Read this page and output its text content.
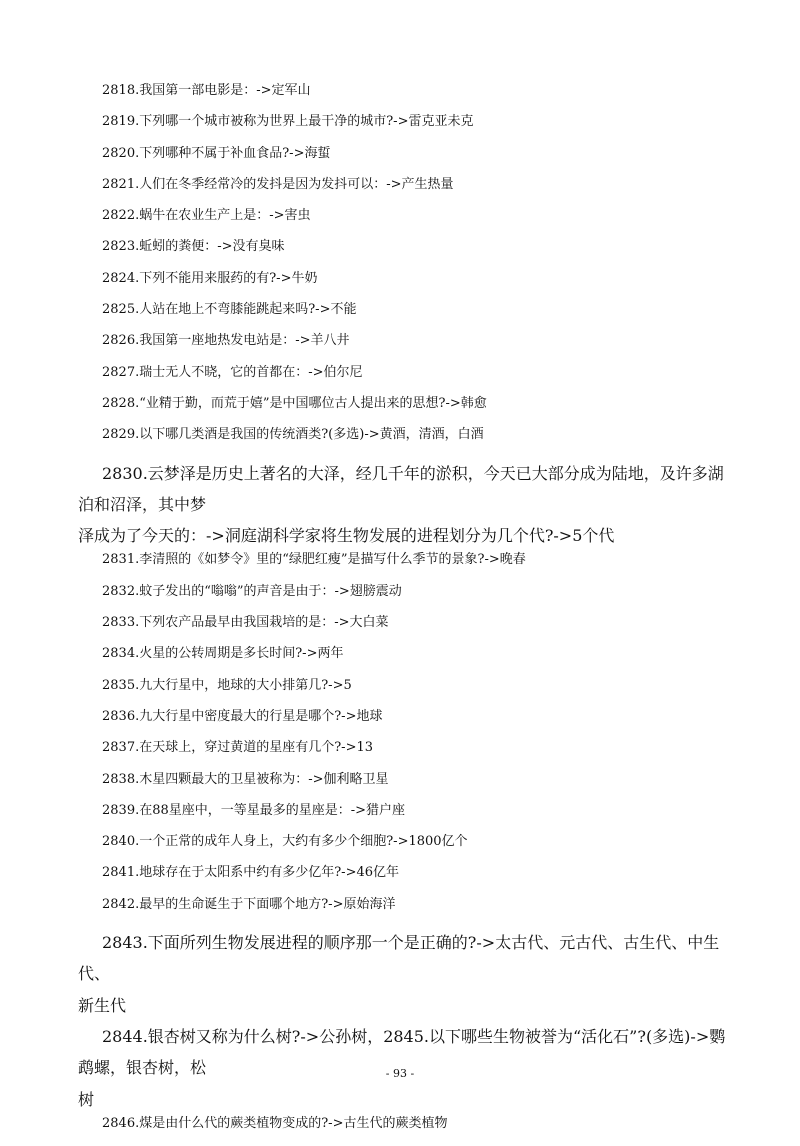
2818.我国第一部电影是：->定军山
2819.下列哪一个城市被称为世界上最干净的城市?->雷克亚未克
2820.下列哪种不属于补血食品?->海蜇
2821.人们在冬季经常冷的发抖是因为发抖可以：->产生热量
2822.蜗牛在农业生产上是：->害虫
2823.蚯蚓的粪便：->没有臭味
2824.下列不能用来服药的有?->牛奶
2825.人站在地上不弯膝能跳起来吗?->不能
2826.我国第一座地热发电站是：->羊八井
2827.瑞士无人不晓，它的首都在：->伯尔尼
2828.“业精于勤，而荒于嬉”是中国哪位古人提出来的思想?->韩愈
2829.以下哪几类酒是我国的传统酒类?(多选)->黄酒，清酒，白酒
2830.云梦泽是历史上著名的大泽，经几千年的淤积，今天已大部分成为陆地，及许多湖泊和沼泽，其中梦
泽成为了今天的：->洞庭湖科学家将生物发展的进程划分为几个代?->5个代
2831.李清照的《如梦令》里的“绿肥红瘦”是描写什么季节的景象?->晚春
2832.蚊子发出的“嗡嗡”的声音是由于：->翅膀震动
2833.下列农产品最早由我国栽培的是：->大白菜
2834.火星的公转周期是多长时间?->两年
2835.九大行星中，地球的大小排第几?->5
2836.九大行星中密度最大的行星是哪个?->地球
2837.在天球上，穿过黄道的星座有几个?->13
2838.木星四颗最大的卫星被称为：->伽利略卫星
2839.在88星座中，一等星最多的星座是：->猎户座
2840.一个正常的成年人身上，大约有多少个细胞?->1800亿个
2841.地球存在于太阳系中约有多少亿年?->46亿年
2842.最早的生命诞生于下面哪个地方?->原始海洋
2843.下面所列生物发展进程的顺序那一个是正确的?->太古代、元古代、古生代、中生代、
新生代
2844.银杏树又称为什么树?->公孙树，2845.以下哪些生物被誉为“活化石”?(多选)->鹦鹉螺，银杏树，松
树
2846.煤是由什么代的蕨类植物变成的?->古生代的蕨类植物
- 93 -
